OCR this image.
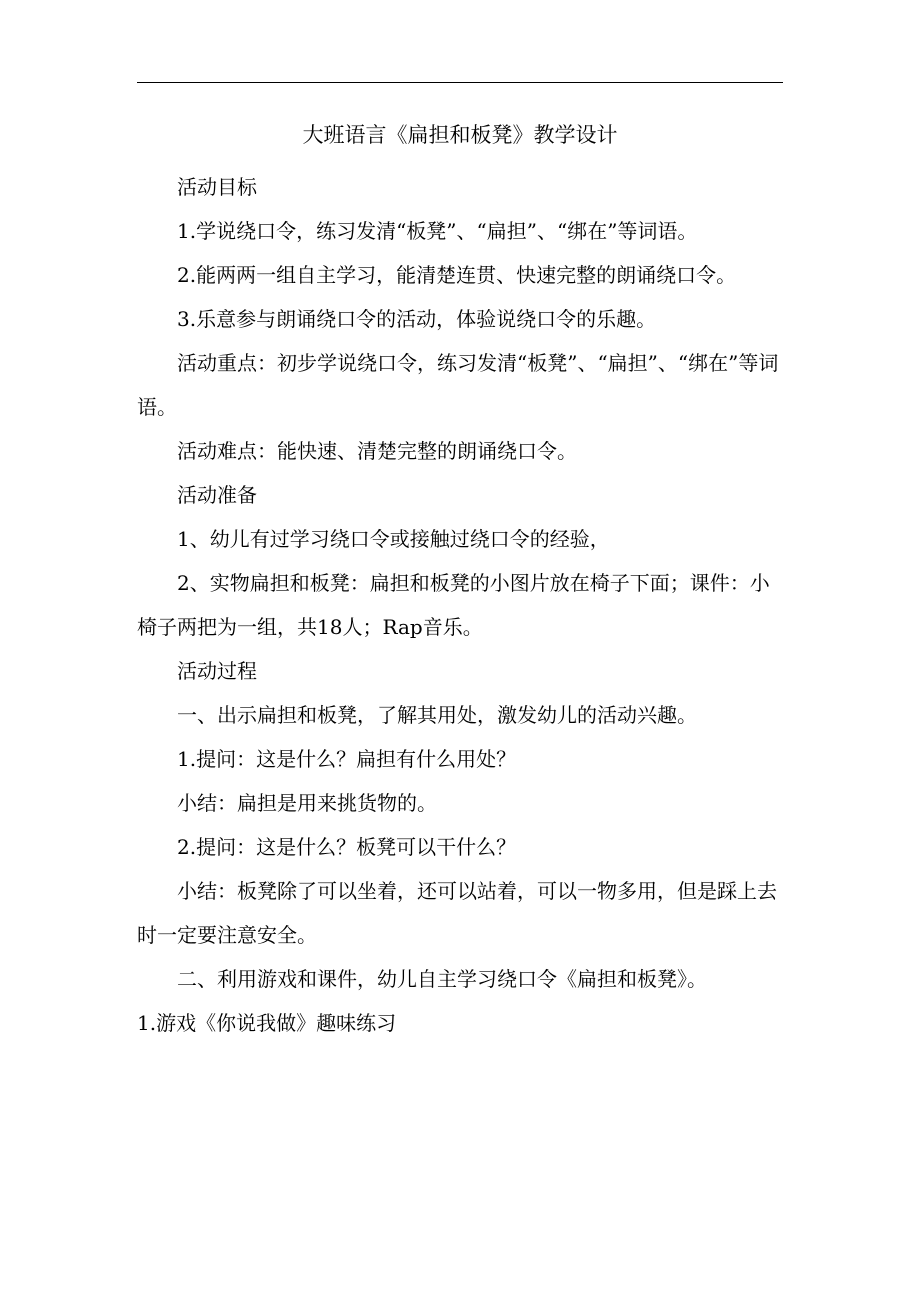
大班语言《扁担和板凳》教学设计

活动目标

1.学说绕口令，练习发清“板凳”、“扁担”、“绑在”等词语。

2.能两两一组自主学习，能清楚连贯、快速完整的朗诵绕口令。

3.乐意参与朗诵绕口令的活动，体验说绕口令的乐趣。

活动重点：初步学说绕口令，练习发清“板凳”、“扁担”、“绑在”等词语。

活动难点：能快速、清楚完整的朗诵绕口令。

活动准备

1、幼儿有过学习绕口令或接触过绕口令的经验，

2、实物扁担和板凳：扁担和板凳的小图片放在椅子下面；课件：小椅子两把为一组，共18人；Rap音乐。

活动过程

一、出示扁担和板凳，了解其用处，激发幼儿的活动兴趣。

1.提问：这是什么？扁担有什么用处？

小结：扁担是用来挑货物的。

2.提问：这是什么？板凳可以干什么？

小结：板凳除了可以坐着，还可以站着，可以一物多用，但是踩上去时一定要注意安全。

二、利用游戏和课件，幼儿自主学习绕口令《扁担和板凳》。

1.游戏《你说我做》趣味练习
